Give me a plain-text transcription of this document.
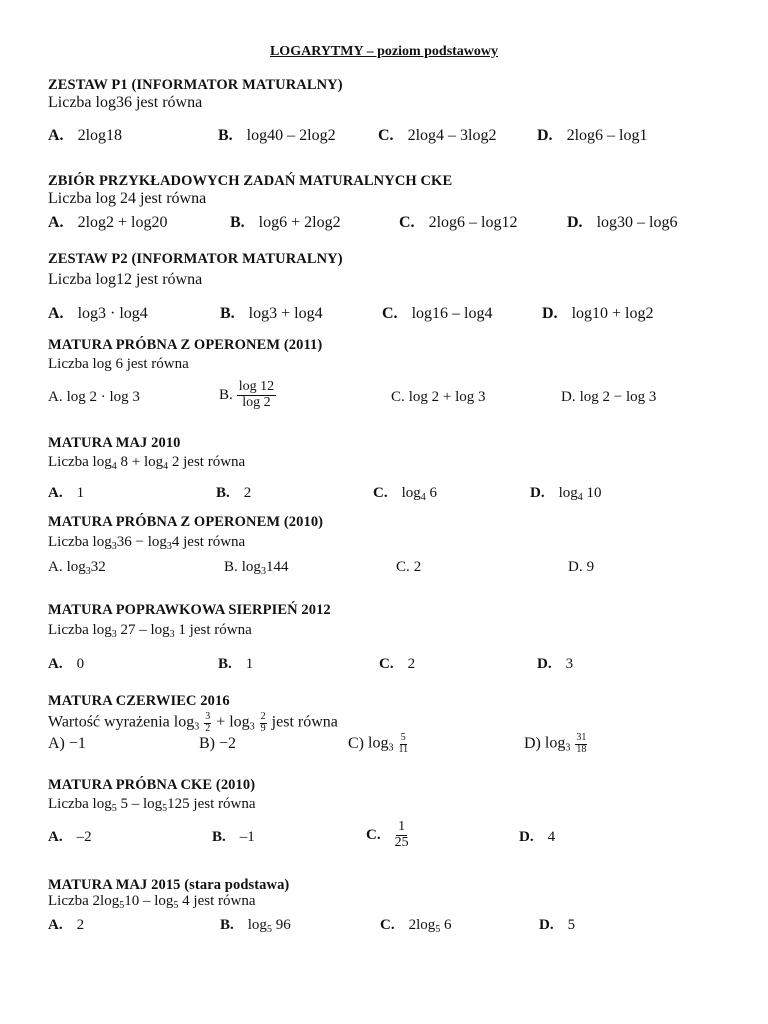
LOGARYTMY – poziom podstawowy
ZESTAW P1 (INFORMATOR MATURALNY)
Liczba log36 jest równa
A. 2log18	B. log40 – 2log2	C. 2log4 – 3log2	D. 2log6 – log1
ZBIÓR PRZYKŁADOWYCH ZADAŃ MATURALNYCH CKE
Liczba log 24 jest równa
A. 2log2 + log20	B. log6 + 2log2	C. 2log6 – log12	D. log30 – log6
ZESTAW P2 (INFORMATOR MATURALNY)
Liczba log12 jest równa
A. log3 · log4	B. log3 + log4	C. log16 – log4	D. log10 + log2
MATURA PRÓBNA Z OPERONEM (2011)
Liczba log 6 jest równa
A. log 2 · log 3	B. $\frac{\log 12}{\log 2}$	C. log 2 + log 3	D. log 2 − log 3
MATURA MAJ 2010
Liczba $\log_4 8 + \log_4 2$ jest równa
A. 1	B. 2	C. $\log_4 6$	D. $\log_4 10$
MATURA PRÓBNA Z OPERONEM (2010)
Liczba $\log_336 - \log_34$ jest równa
A. $\log_332$	B. $\log_3144$	C. 2	D. 9
MATURA POPRAWKOWA SIERPIEŃ 2012
Liczba $\log_3 27 - \log_3 1$ jest równa
A. 0	B. 1	C. 2	D. 3
MATURA CZERWIEC 2016
Wartość wyrażenia $\log_3 \frac{3}{2} + \log_3 \frac{2}{9}$ jest równa
A) −1	B) −2	C) $\log_3 \frac{5}{11}$	D) $\log_3 \frac{31}{18}$
MATURA PRÓBNA CKE (2010)
Liczba $\log_5 5 - \log_5125$ jest równa
A. –2	B. –1	C. $\frac{1}{25}$	D. 4
MATURA MAJ 2015 (stara podstawa)
Liczba $2\log_510 - \log_5 4$ jest równa
A. 2	B. $\log_5 96$	C. $2\log_5$ 6	D. 5
